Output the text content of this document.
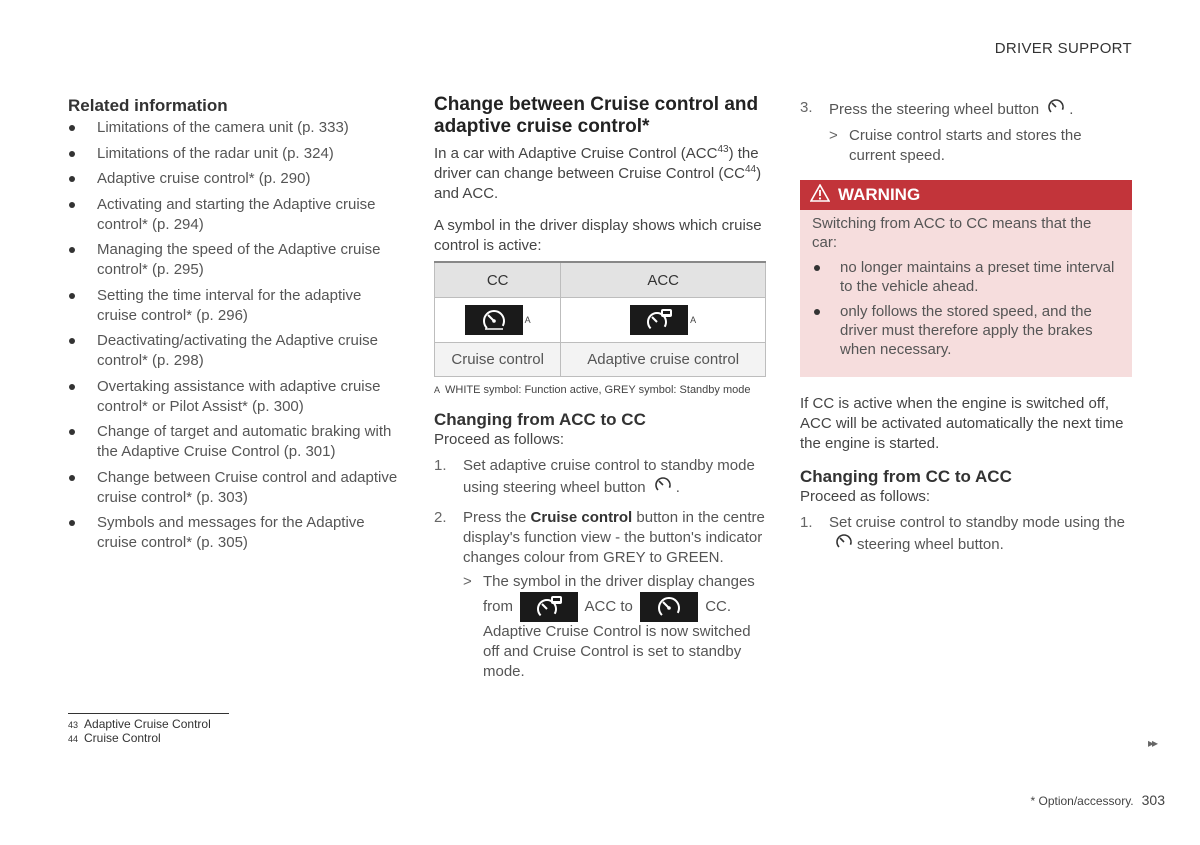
DRIVER SUPPORT
Related information
Limitations of the camera unit (p. 333)
Limitations of the radar unit (p. 324)
Adaptive cruise control* (p. 290)
Activating and starting the Adaptive cruise control* (p. 294)
Managing the speed of the Adaptive cruise control* (p. 295)
Setting the time interval for the adaptive cruise control* (p. 296)
Deactivating/activating the Adaptive cruise control* (p. 298)
Overtaking assistance with adaptive cruise control* or Pilot Assist* (p. 300)
Change of target and automatic braking with the Adaptive Cruise Control (p. 301)
Change between Cruise control and adaptive cruise control* (p. 303)
Symbols and messages for the Adaptive cruise control* (p. 305)
Change between Cruise control and adaptive cruise control*

In a car with Adaptive Cruise Control (ACC$^{43}$) the driver can change between Cruise Control (CC$^{44}$) and ACC.

A symbol in the driver display shows which cruise control is active:

CC	ACC

A	A
Cruise control	Adaptive cruise control
A WHITE symbol: Function active, GREY symbol: Standby mode
Changing from ACC to CC
Proceed as follows:
1. Set adaptive cruise control to standby mode using steering wheel button .
2. Press the Cruise control button in the centre display's function view - the button's indicator changes colour from GREY to GREEN.
> The symbol in the driver display changes from	ACC to	CC. Adaptive Cruise Control is now switched off and Cruise Control is set to standby mode.
3. Press the steering wheel button .
> Cruise control starts and stores the current speed.
WARNING
Switching from ACC to CC means that the car:
no longer maintains a preset time interval to the vehicle ahead.
only follows the stored speed, and the driver must therefore apply the brakes when necessary.

If CC is active when the engine is switched off, ACC will be activated automatically the next time the engine is started.

Changing from CC to ACC
Proceed as follows:
1. Set cruise control to standby mode using the
steering wheel button.
43 Adaptive Cruise Control
44 Cruise Control	▸▸
* Option/accessory. 303
